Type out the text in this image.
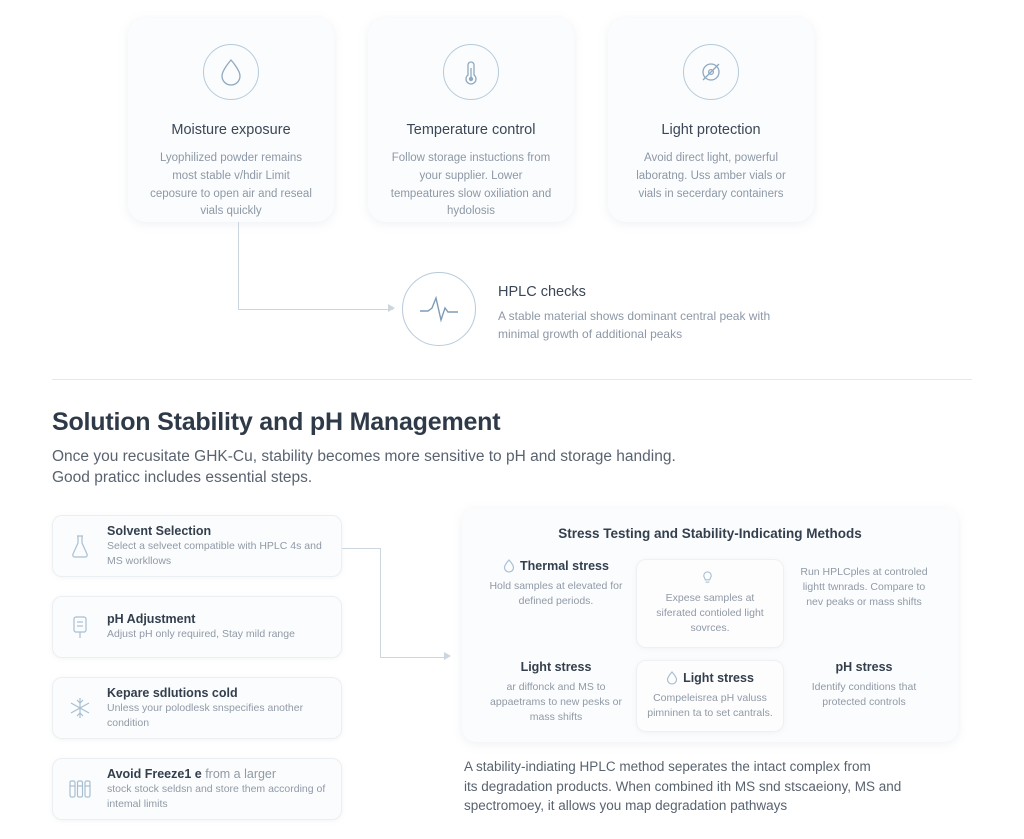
Moisture exposure
Lyophilized powder remains most stable v/hdir Limit ceposure to open air and reseal vials quickly
Temperature control
Follow storage instuctions from your supplier. Lower tempeatures slow oxiliation and hydolosis
Light protection
Avoid direct light, powerful laboratng. Uss amber vials or vials in secerdary containers
HPLC checks
A stable material shows dominant central peak with minimal growth of additional peaks
Solution Stability and pH Management
Once you recusitate GHK-Cu, stability becomes more sensitive to pH and storage handing.
Good praticc includes essential steps.
Solvent Selection
Select a selveet compatible with HPLC 4s and MS workllows
pH Adjustment
Adjust pH only required, Stay mild range
Kepare sdlutions cold
Unless your polodlesk snspecifies another condition
Avoid Freeze1 e from a larger
stock stock seldsn and store them according of intemal limits
Stress Testing and Stability-Indicating Methods
Thermal stress
Hold samples at elevated for defined periods.	Expese samples at siferated contioled light sovrces.
Run HPLCples at controled lightt twnrads. Compare to nev peaks or mass shifts
Light stress
ar diffonck and MS to appaetrams to new pesks or mass shifts
Light stress
Compeleisrea pH valuss pimninen ta to set cantrals.
pH stress
Identify conditions that protected controls
A stability-indiating HPLC method seperates the intact complex from
its degradation products. When combined ith MS snd stscaeiony, MS and
spectromoey, it allows you map degradation pathways
